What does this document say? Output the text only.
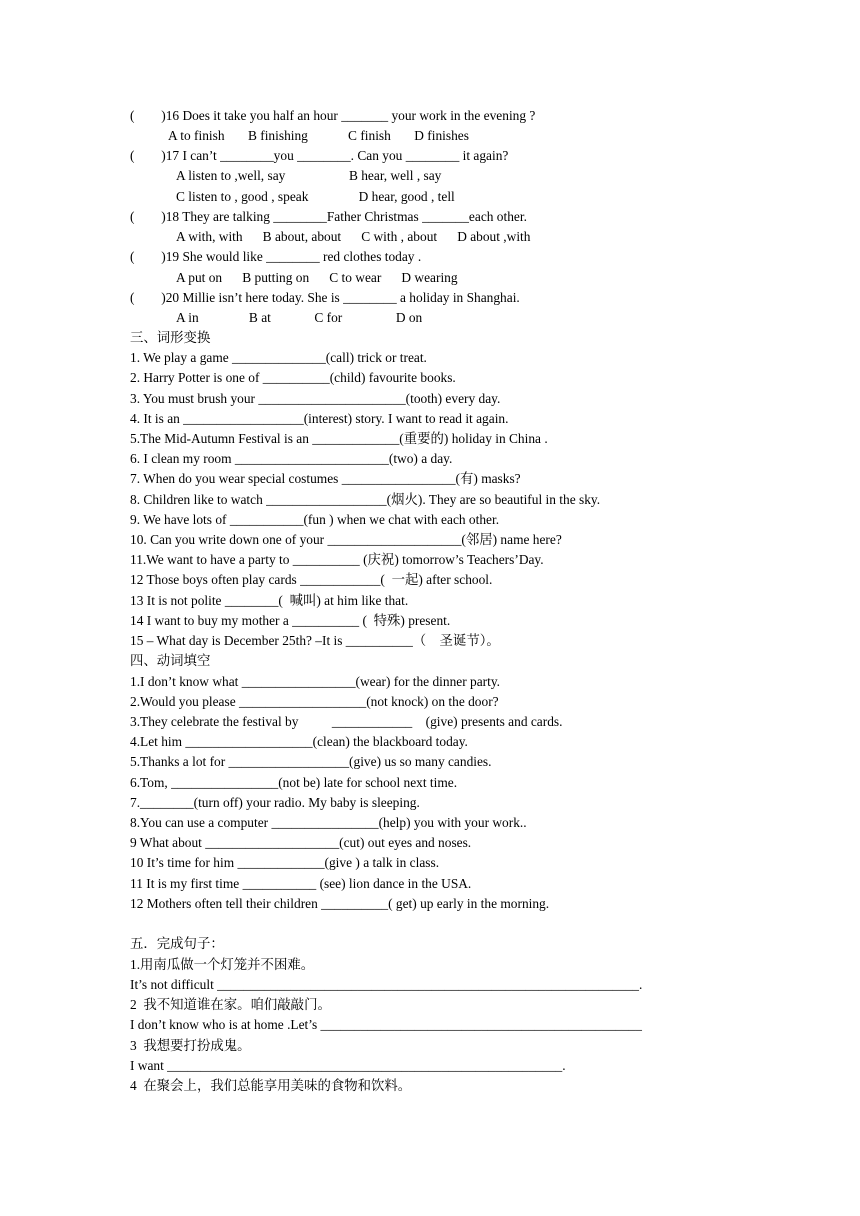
(        )16 Does it take you half an hour _______ your work in the evening ?

A to finish       B finishing            C finish       D finishes

(        )17 I can’t ________you ________. Can you ________ it again?

A listen to ,well, say                   B hear, well , say

C listen to , good , speak               D hear, good , tell

(        )18 They are talking ________Father Christmas _______each other.

A with, with      B about, about      C with , about      D about ,with

(        )19 She would like ________ red clothes today .

A put on      B putting on      C to wear      D wearing

(        )20 Millie isn’t here today. She is ________ a holiday in Shanghai.

A in               B at             C for                D on

三、词形变换

1. We play a game ______________(call) trick or treat.

2. Harry Potter is one of __________(child) favourite books.

3. You must brush your ______________________(tooth) every day.

4. It is an __________________(interest) story. I want to read it again.

5.The Mid-Autumn Festival is an _____________(重要的) holiday in China .

6. I clean my room _______________________(two) a day.

7. When do you wear special costumes _________________(有) masks?

8. Children like to watch __________________(烟火). They are so beautiful in the sky.

9. We have lots of ___________(fun ) when we chat with each other.

10. Can you write down one of your ____________________(邻居) name here?

11.We want to have a party to __________ (庆祝) tomorrow’s Teachers’Day.

12 Those boys often play cards ____________(  一起) after school.

13 It is not polite ________(  喊叫) at him like that.

14 I want to buy my mother a __________ (  特殊) present.

15 – What day is December 25th? –It is __________（    圣诞节）。

四、动词填空

1.I don’t know what _________________(wear) for the dinner party.

2.Would you please ___________________(not knock) on the door?

3.They celebrate the festival by          ____________    (give) presents and cards.

4.Let him ___________________(clean) the blackboard today.

5.Thanks a lot for __________________(give) us so many candies.

6.Tom, ________________(not be) late for school next time.

7.________(turn off) your radio. My baby is sleeping.

8.You can use a computer ________________(help) you with your work..

9 What about ____________________(cut) out eyes and noses.

10 It’s time for him _____________(give ) a talk in class.

11 It is my first time ___________ (see) lion dance in the USA.

12 Mothers often tell their children __________( get) up early in the morning.

五．完成句子：

1.用南瓜做一个灯笼并不困难。

It’s not difficult _______________________________________________________________.

2  我不知道谁在家。咱们敲敲门。

I don’t know who is at home .Let’s ________________________________________________

3  我想要打扮成鬼。

I want ___________________________________________________________.

4  在聚会上，我们总能享用美味的食物和饮料。
